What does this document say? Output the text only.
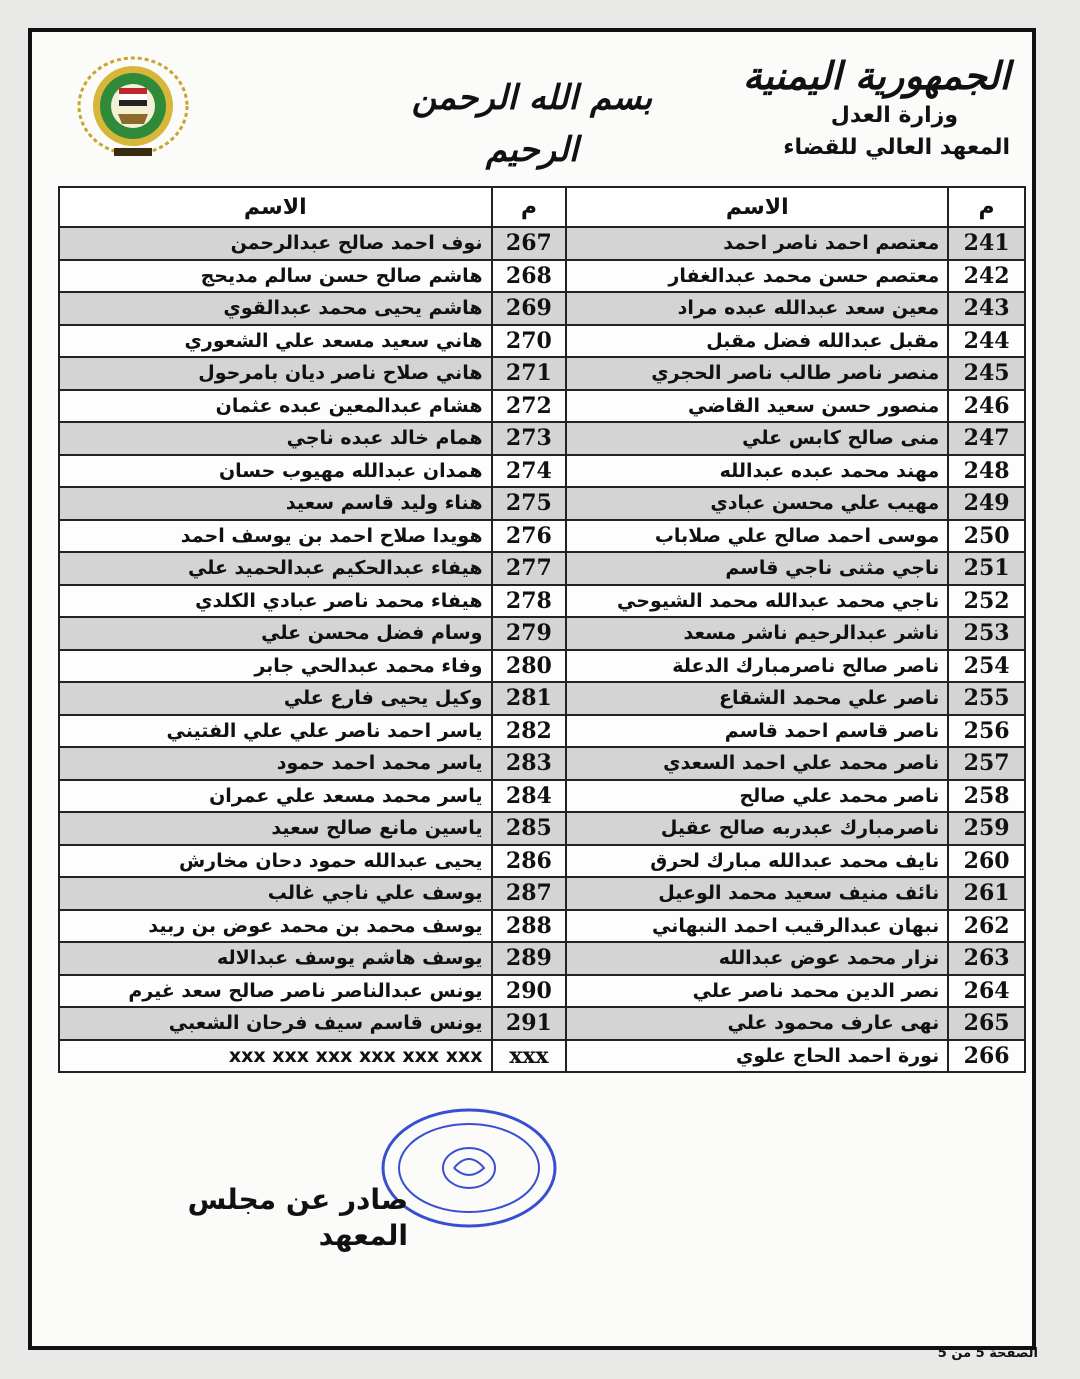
الجمهورية اليمنية
وزارة العدل
المعهد العالي للقضاء
بسم الله الرحمن الرحيم
م	الاسم	م	الاسم
241	معتصم احمد ناصر احمد	267	نوف احمد صالح عبدالرحمن
242	معتصم حسن محمد عبدالغفار	268	هاشم صالح حسن سالم مديحج
243	معين سعد عبدالله عبده مراد	269	هاشم يحيى محمد عبدالقوي
244	مقبل عبدالله فضل مقبل	270	هاني سعيد مسعد علي الشعوري
245	منصر ناصر طالب ناصر الحجري	271	هاني صلاح ناصر ديان بامرحول
246	منصور حسن سعيد القاضي	272	هشام عبدالمعين عبده عثمان
247	منى صالح كابس علي	273	همام خالد عبده ناجي
248	مهند محمد عبده عبدالله	274	همدان عبدالله مهيوب حسان
249	مهيب علي محسن عبادي	275	هناء وليد قاسم سعيد
250	موسى احمد صالح علي صلاباب	276	هويدا صلاح احمد بن يوسف احمد
251	ناجي مثنى ناجي قاسم	277	هيفاء عبدالحكيم عبدالحميد علي
252	ناجي محمد عبدالله محمد الشيوحي	278	هيفاء محمد ناصر عبادي الكلدي
253	ناشر عبدالرحيم ناشر مسعد	279	وسام فضل محسن علي
254	ناصر صالح ناصرمبارك الدعلة	280	وفاء محمد عبدالحي جابر
255	ناصر علي محمد الشقاع	281	وكيل يحيى فارع علي
256	ناصر قاسم احمد قاسم	282	ياسر احمد ناصر علي علي الفتيني
257	ناصر محمد علي احمد السعدي	283	ياسر محمد احمد حمود
258	ناصر محمد علي صالح	284	ياسر محمد مسعد علي عمران
259	ناصرمبارك عبدربه صالح عقيل	285	ياسين مانع صالح سعيد
260	نايف محمد عبدالله مبارك لحرق	286	يحيى عبدالله حمود دحان مخارش
261	نائف منيف سعيد محمد الوعيل	287	يوسف علي ناجي غالب
262	نبهان عبدالرقيب احمد النبهاني	288	يوسف محمد بن محمد عوض بن ربيد
263	نزار محمد عوض عبدالله	289	يوسف هاشم يوسف عبدالاله
264	نصر الدين محمد ناصر علي	290	يونس عبدالناصر ناصر صالح سعد غيرم
265	نهى عارف محمود علي	291	يونس قاسم سيف فرحان الشعبي
266	نورة احمد الحاج علوي	xxx	xxx xxx xxx xxx xxx xxx
صادر عن مجلس المعهد
الصفحة 5 من 5
